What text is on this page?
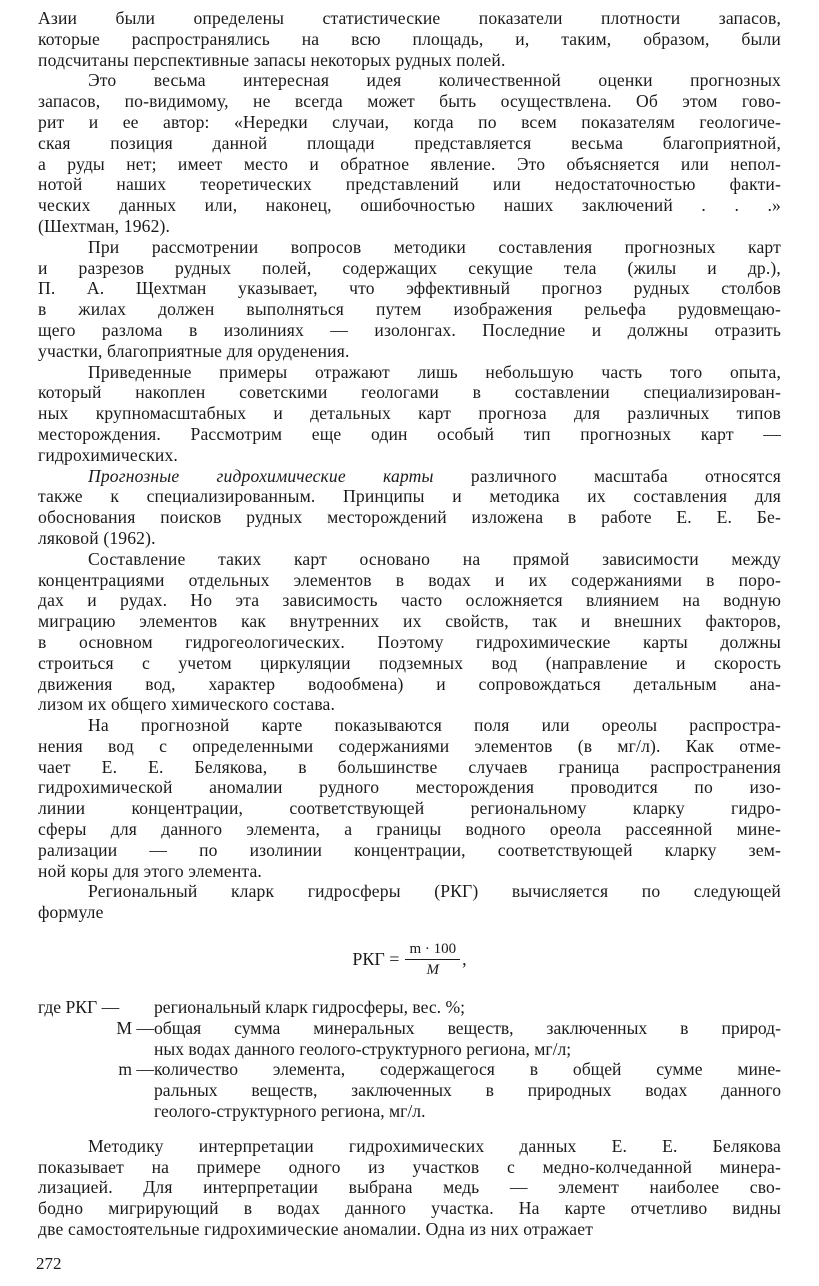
Азии были определены статистические показатели плотности запасов,
которые распространялись на всю площадь, и, таким, образом, были
подсчитаны перспективные запасы некоторых рудных полей.

Это весьма интересная идея количественной оценки прогнозных
запасов, по-видимому, не всегда может быть осуществлена. Об этом гово-
рит и ее автор: «Нередки случаи, когда по всем показателям геологиче-
ская позиция данной площади представляется весьма благоприятной,
а руды нет; имеет место и обратное явление. Это объясняется или непол-
нотой наших теоретических представлений или недостаточностью факти-
ческих данных или, наконец, ошибочностью наших заключений . . .»
(Шехтман, 1962).

При рассмотрении вопросов методики составления прогнозных карт
и разрезов рудных полей, содержащих секущие тела (жилы и др.),
П. А. Щехтман указывает, что эффективный прогноз рудных столбов
в жилах должен выполняться путем изображения рельефа рудовмещаю-
щего разлома в изолиниях — изолонгах. Последние и должны отразить
участки, благоприятные для оруденения.

Приведенные примеры отражают лишь небольшую часть того опыта,
который накоплен советскими геологами в составлении специализирован-
ных крупномасштабных и детальных карт прогноза для различных типов
месторождения. Рассмотрим еще один особый тип прогнозных карт —
гидрохимических.

Прогнозные гидрохимические карты различного масштаба относятся
также к специализированным. Принципы и методика их составления для
обоснования поисков рудных месторождений изложена в работе Е. Е. Бе-
ляковой (1962).

Составление таких карт основано на прямой зависимости между
концентрациями отдельных элементов в водах и их содержаниями в поро-
дах и рудах. Но эта зависимость часто осложняется влиянием на водную
миграцию элементов как внутренних их свойств, так и внешних факторов,
в основном гидрогеологических. Поэтому гидрохимические карты должны
строиться с учетом циркуляции подземных вод (направление и скорость
движения вод, характер водообмена) и сопровождаться детальным ана-
лизом их общего химического состава.

На прогнозной карте показываются поля или ореолы распростра-
нения вод с определенными содержаниями элементов (в мг/л). Как отме-
чает Е. Е. Белякова, в большинстве случаев граница распространения
гидрохимической аномалии рудного месторождения проводится по изо-
линии концентрации, соответствующей региональному кларку гидро-
сферы для данного элемента, а границы водного ореола рассеянной мине-
рализации — по изолинии концентрации, соответствующей кларку зем-
ной коры для этого элемента.

Региональный кларк гидросферы (РКГ) вычисляется по следующей
формуле

РКГ = $\frac{m \cdot 100}{M}$ ,
где РКГ —	региональный кларк гидросферы, вес. %;
M — общая сумма минеральных веществ, заключенных в природ-
ных водах данного геолого-структурного региона, мг/л;
m — количество элемента, содержащегося в общей сумме мине-
ральных веществ, заключенных в природных водах данного
геолого-структурного региона, мг/л.

Методику интерпретации гидрохимических данных Е. Е. Белякова
показывает на примере одного из участков с медно-колчеданной минера-
лизацией. Для интерпретации выбрана медь — элемент наиболее сво-
бодно мигрирующий в водах данного участка. На карте отчетливо видны
две самостоятельные гидрохимические аномалии. Одна из них отражает

272
